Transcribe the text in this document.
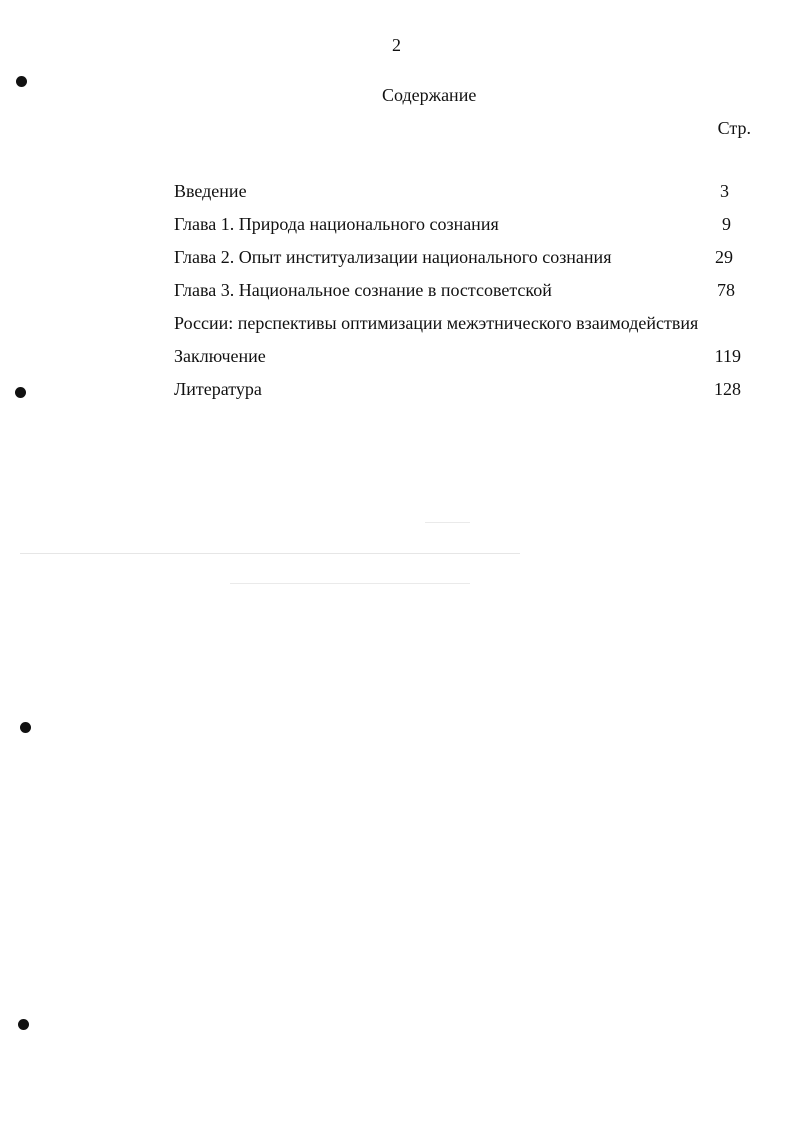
2
Содержание
Стр.
Введение	3
Глава 1. Природа национального сознания	9
Глава 2. Опыт институализации национального сознания	29
Глава 3. Национальное сознание в постсоветской	78
России: перспективы оптимизации межэтнического взаимодействия
Заключение	119
Литература	128
